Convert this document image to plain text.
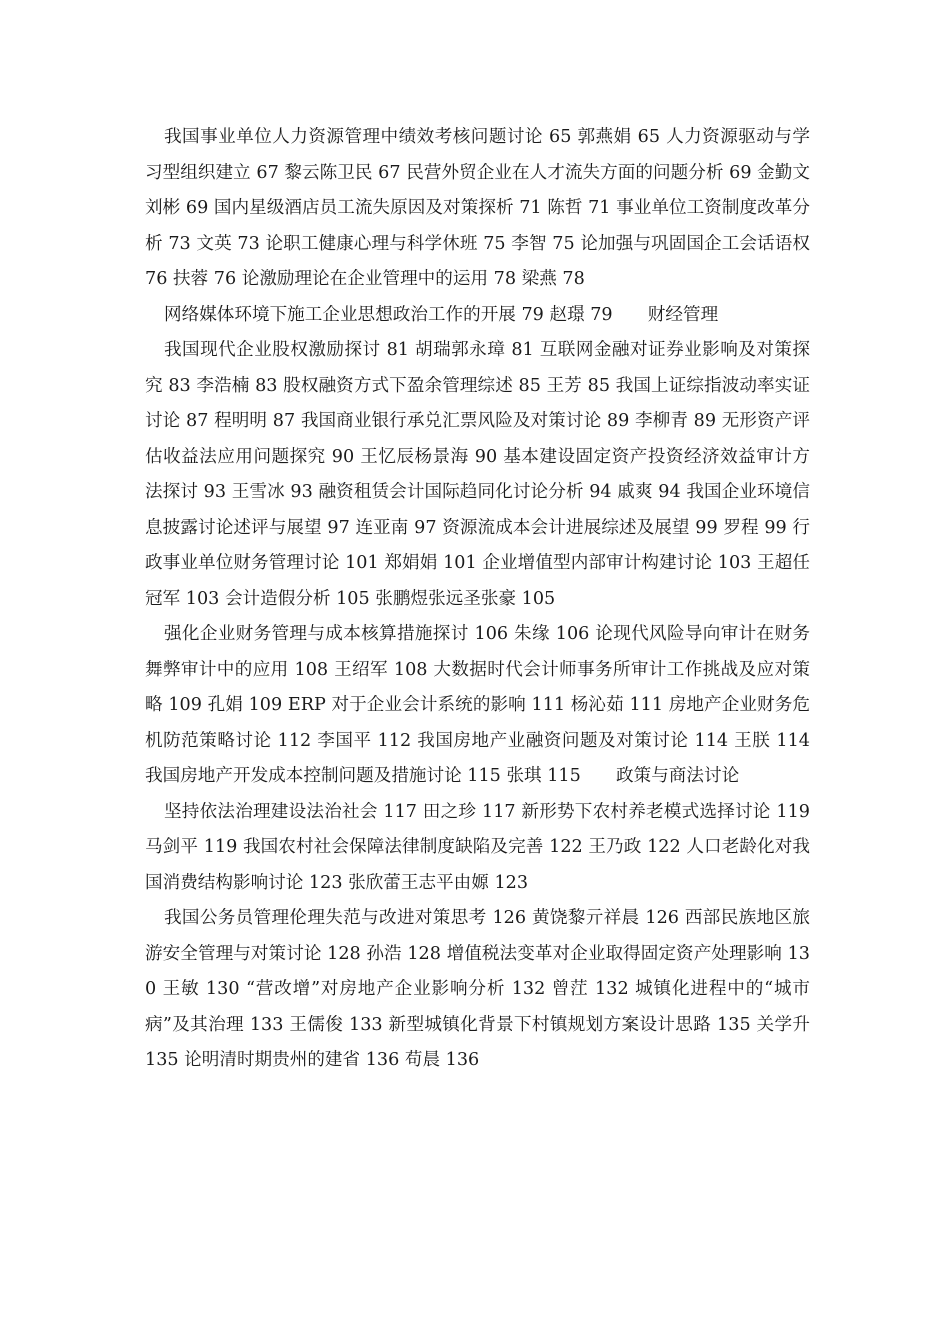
我国事业单位人力资源管理中绩效考核问题讨论 65 郭燕娟 65 人力资源驱动与学习型组织建立 67 黎云陈卫民 67 民营外贸企业在人才流失方面的问题分析 69 金勤文刘彬 69 国内星级酒店员工流失原因及对策探析 71 陈哲 71 事业单位工资制度改革分析 73 文英 73 论职工健康心理与科学休班 75 李智 75 论加强与巩固国企工会话语权 76 扶蓉 76 论激励理论在企业管理中的运用 78 梁燕 78

网络媒体环境下施工企业思想政治工作的开展 79 赵璟 79　　财经管理

我国现代企业股权激励探讨 81 胡瑞郭永璋 81 互联网金融对证券业影响及对策探究 83 李浩楠 83 股权融资方式下盈余管理综述 85 王芳 85 我国上证综指波动率实证讨论 87 程明明 87 我国商业银行承兑汇票风险及对策讨论 89 李柳青 89 无形资产评估收益法应用问题探究 90 王忆辰杨景海 90 基本建设固定资产投资经济效益审计方法探讨 93 王雪冰 93 融资租赁会计国际趋同化讨论分析 94 戚爽 94 我国企业环境信息披露讨论述评与展望 97 连亚南 97 资源流成本会计进展综述及展望 99 罗程 99 行政事业单位财务管理讨论 101 郑娟娟 101 企业增值型内部审计构建讨论 103 王超任冠军 103 会计造假分析 105 张鹏煜张远圣张豪 105

强化企业财务管理与成本核算措施探讨 106 朱缘 106 论现代风险导向审计在财务舞弊审计中的应用 108 王绍军 108 大数据时代会计师事务所审计工作挑战及应对策略 109 孔娟 109 ERP 对于企业会计系统的影响 111 杨沁茹 111 房地产企业财务危机防范策略讨论 112 李国平 112 我国房地产业融资问题及对策讨论 114 王朕 114 我国房地产开发成本控制问题及措施讨论 115 张琪 115　　政策与商法讨论

坚持依法治理建设法治社会 117 田之珍 117 新形势下农村养老模式选择讨论 119 马剑平 119 我国农村社会保障法律制度缺陷及完善 122 王乃政 122 人口老龄化对我国消费结构影响讨论 123 张欣蕾王志平由嫄 123

我国公务员管理伦理失范与改进对策思考 126 黄饶黎亓祥晨 126 西部民族地区旅游安全管理与对策讨论 128 孙浩 128 增值税法变革对企业取得固定资产处理影响 130 王敏 130 “营改增”对房地产企业影响分析 132 曾茳 132 城镇化进程中的“城市病”及其治理 133 王儒俊 133 新型城镇化背景下村镇规划方案设计思路 135 关学升 135 论明清时期贵州的建省 136 苟晨 136
